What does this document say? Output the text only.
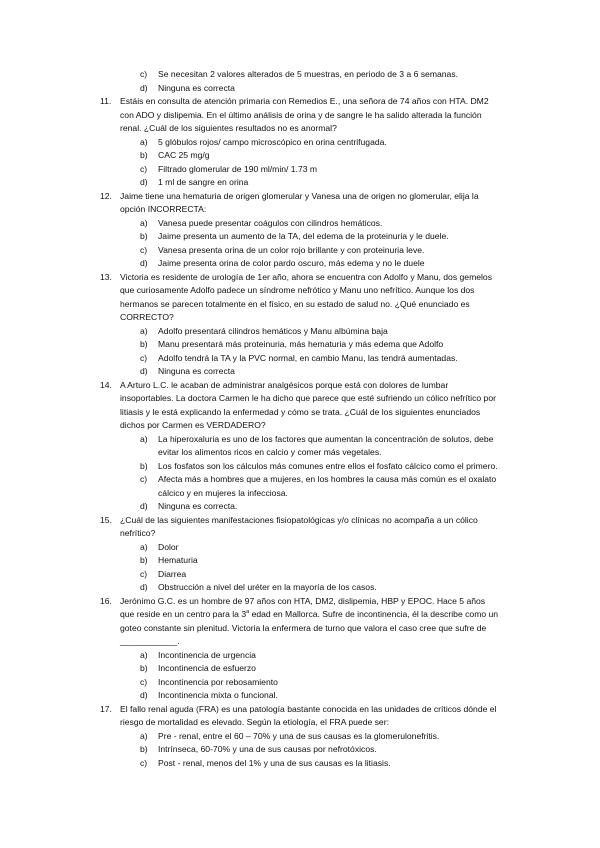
c) Se necesitan 2 valores alterados de 5 muestras, en periodo de 3 a 6 semanas.
d) Ninguna es correcta
11. Estáis en consulta de atención primaria con Remedios E., una señora de 74 años con HTA. DM2 con ADO y dislipemia. En el último análisis de orina y de sangre le ha salido alterada la función renal. ¿Cuál de los siguientes resultados no es anormal?
a) 5 glóbulos rojos/ campo microscópico en orina centrifugada.
b) CAC 25 mg/g
c) Filtrado glomerular de 190 ml/min/ 1.73 m
d) 1 ml de sangre en orina
12. Jaime tiene una hematuria de origen glomerular y Vanesa una de origen no glomerular, elija la opción INCORRECTA:
a) Vanesa puede presentar coágulos con cilindros hemáticos.
b) Jaime presenta un aumento de la TA, del edema de la proteinuria y le duele.
c) Vanesa presenta orina de un color rojo brillante y con proteinuria leve.
d) Jaime presenta orina de color pardo oscuro, más edema y no le duele
13. Victoria es residente de urología de 1er año, ahora se encuentra con Adolfo y Manu, dos gemelos que curiosamente Adolfo padece un síndrome nefrótico y Manu uno nefrítico. Aunque los dos hermanos se parecen totalmente en el físico, en su estado de salud no. ¿Qué enunciado es CORRECTO?
a) Adolfo presentará cilindros hemáticos y Manu albúmina baja
b) Manu presentará más proteinuria, más hematuria y más edema que Adolfo
c) Adolfo tendrá la TA y la PVC normal, en cambio Manu, las tendrá aumentadas.
d) Ninguna es correcta
14. A Arturo L.C. le acaban de administrar analgésicos porque está con dolores de lumbar insoportables. La doctora Carmen le ha dicho que parece que esté sufriendo un cólico nefrítico por litiasis y le está explicando la enfermedad y cómo se trata. ¿Cuál de los siguientes enunciados dichos por Carmen es VERDADERO?
a) La hiperoxaluria es uno de los factores que aumentan la concentración de solutos, debe evitar los alimentos ricos en calcio y comer más vegetales.
b) Los fosfatos son los cálculos más comunes entre ellos el fosfato cálcico como el primero.
c) Afecta más a hombres que a mujeres, en los hombres la causa más común es el oxalato cálcico y en mujeres la infecciosa.
d) Ninguna es correcta.
15. ¿Cuál de las siguientes manifestaciones fisiopatológicas y/o clínicas no acompaña a un cólico nefrítico?
a) Dolor
b) Hematuria
c) Diarrea
d) Obstrucción a nivel del uréter en la mayoría de los casos.
16. Jerónimo G.C. es un hombre de 97 años con HTA, DM2, dislipemia, HBP y EPOC. Hace 5 años que reside en un centro para la 3$^a$ edad en Mallorca. Sufre de incontinencia, él la describe como un goteo constante sin plenitud. Victoria la enfermera de turno que valora el caso cree que sufre de ____________.
a) Incontinencia de urgencia
b) Incontinencia de esfuerzo
c) Incontinencia por rebosamiento
d) Incontinencia mixta o funcional.
17. El fallo renal aguda (FRA) es una patología bastante conocida en las unidades de críticos dónde el riesgo de mortalidad es elevado. Según la etiología, el FRA puede ser:
a) Pre - renal, entre el 60 – 70% y una de sus causas es la glomerulonefritis.
b) Intrínseca, 60-70% y una de sus causas por nefrotóxicos.
c) Post - renal, menos del 1% y una de sus causas es la litiasis.
